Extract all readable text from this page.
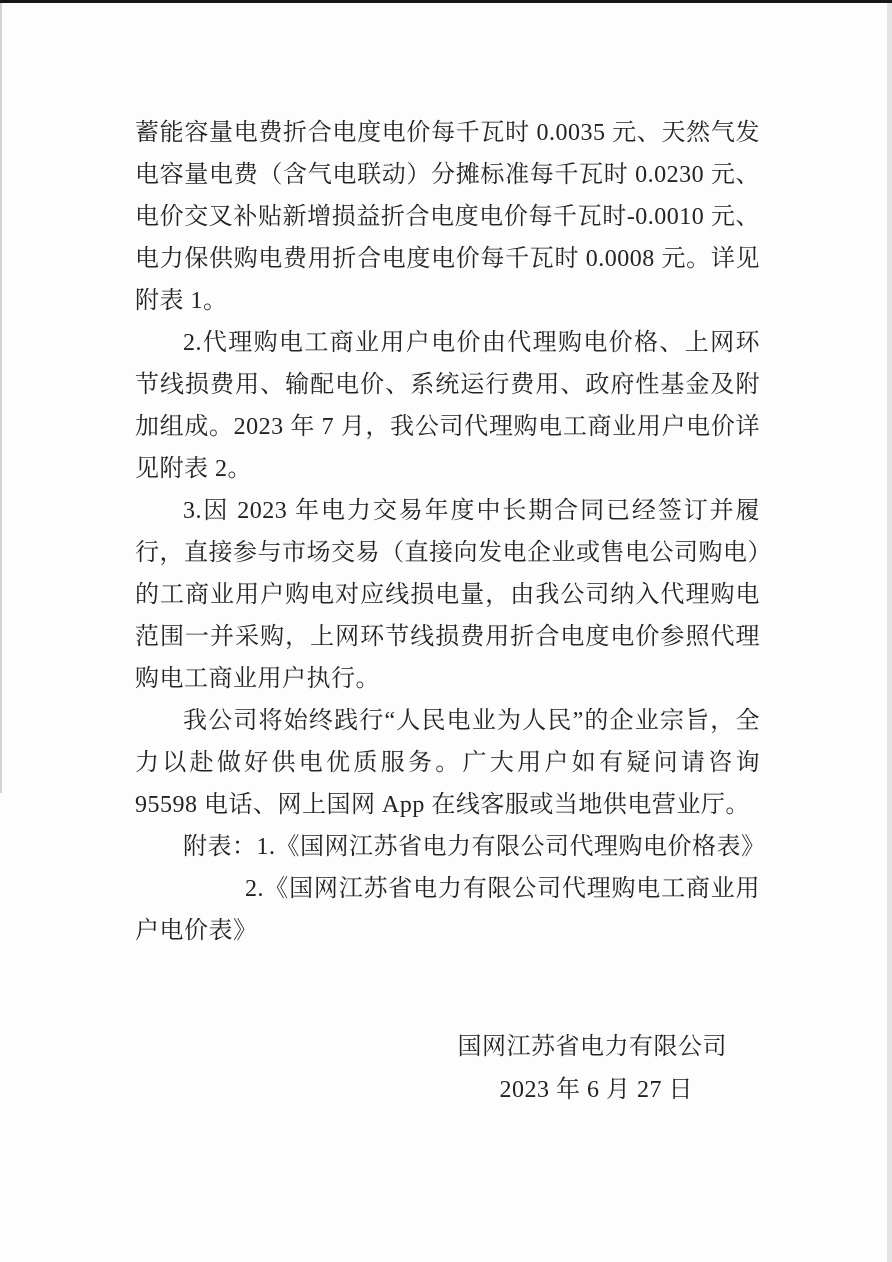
蓄能容量电费折合电度电价每千瓦时 0.0035 元、天然气发电容量电费（含气电联动）分摊标准每千瓦时 0.0230 元、电价交叉补贴新增损益折合电度电价每千瓦时-0.0010 元、电力保供购电费用折合电度电价每千瓦时 0.0008 元。详见附表 1。

2.代理购电工商业用户电价由代理购电价格、上网环节线损费用、输配电价、系统运行费用、政府性基金及附加组成。2023 年 7 月，我公司代理购电工商业用户电价详见附表 2。

3.因 2023 年电力交易年度中长期合同已经签订并履行，直接参与市场交易（直接向发电企业或售电公司购电）的工商业用户购电对应线损电量，由我公司纳入代理购电范围一并采购，上网环节线损费用折合电度电价参照代理购电工商业用户执行。

我公司将始终践行“人民电业为人民”的企业宗旨，全力以赴做好供电优质服务。广大用户如有疑问请咨询 95598 电话、网上国网 App 在线客服或当地供电营业厅。

附表：1.《国网江苏省电力有限公司代理购电价格表》

2.《国网江苏省电力有限公司代理购电工商业用户电价表》

国网江苏省电力有限公司
2023 年 6 月 27 日
